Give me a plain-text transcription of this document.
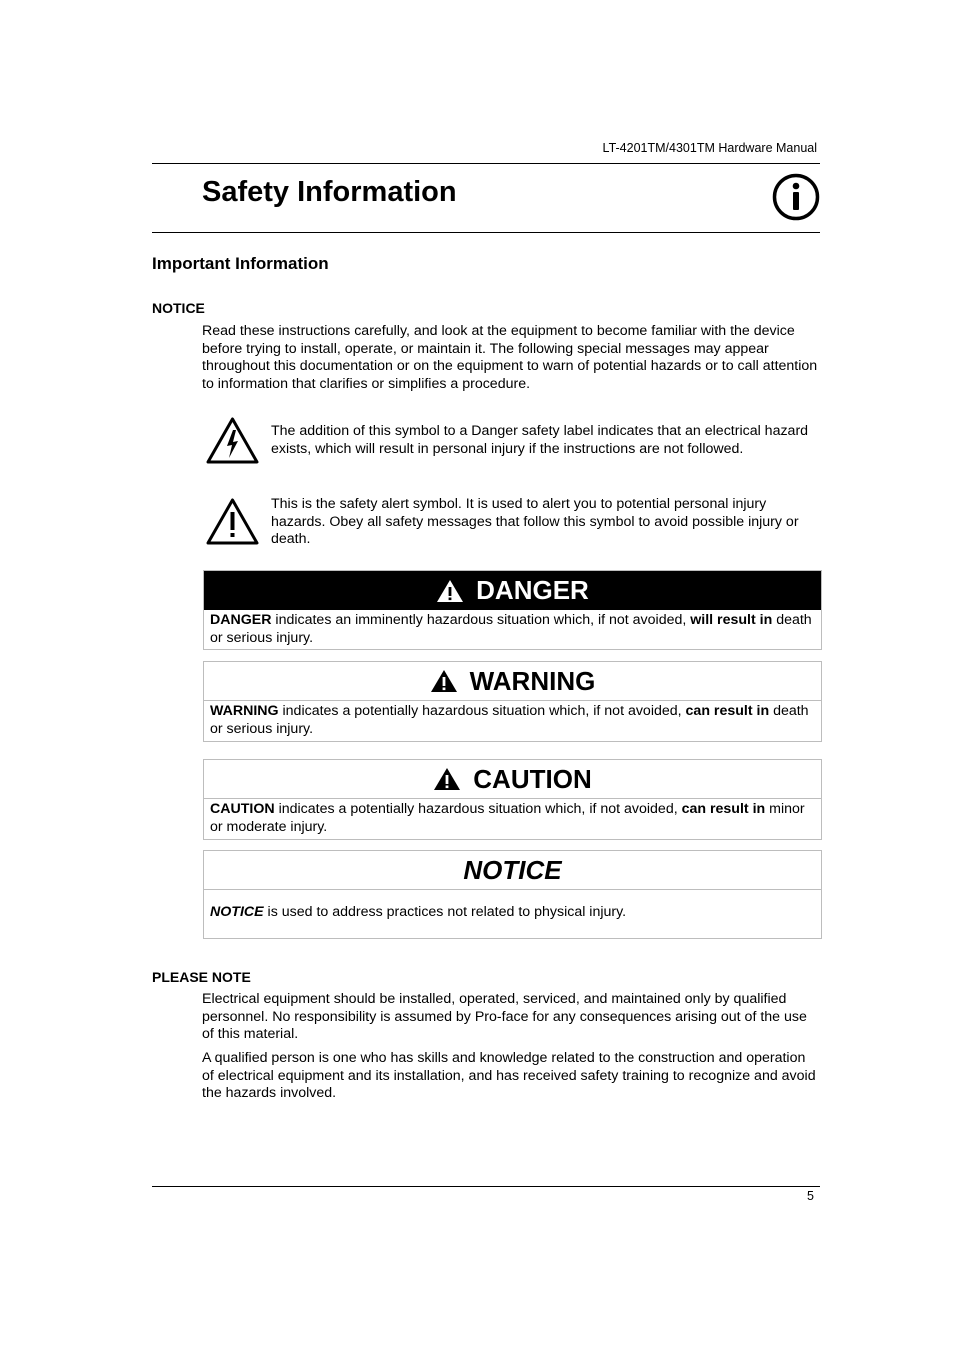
LT-4201TM/4301TM Hardware Manual
Safety Information
Important Information
NOTICE
Read these instructions carefully, and look at the equipment to become familiar with the device before trying to install, operate, or maintain it. The following special messages may appear throughout this documentation or on the equipment to warn of potential hazards or to call attention to information that clarifies or simplifies a procedure.
The addition of this symbol to a Danger safety label indicates that an electrical hazard exists, which will result in personal injury if the instructions are not followed.
This is the safety alert symbol. It is used to alert you to potential personal injury hazards. Obey all safety messages that follow this symbol to avoid possible injury or death.
DANGER
DANGER indicates an imminently hazardous situation which, if not avoided, will result in death or serious injury.
WARNING
WARNING indicates a potentially hazardous situation which, if not avoided, can result in death or serious injury.
CAUTION
CAUTION indicates a potentially hazardous situation which, if not avoided, can result in minor or moderate injury.
NOTICE
NOTICE is used to address practices not related to physical injury.
PLEASE NOTE
Electrical equipment should be installed, operated, serviced, and maintained only by qualified personnel. No responsibility is assumed by Pro-face for any consequences arising out of the use of this material.
A qualified person is one who has skills and knowledge related to the construction and operation of electrical equipment and its installation, and has received safety training to recognize and avoid the hazards involved.
5
